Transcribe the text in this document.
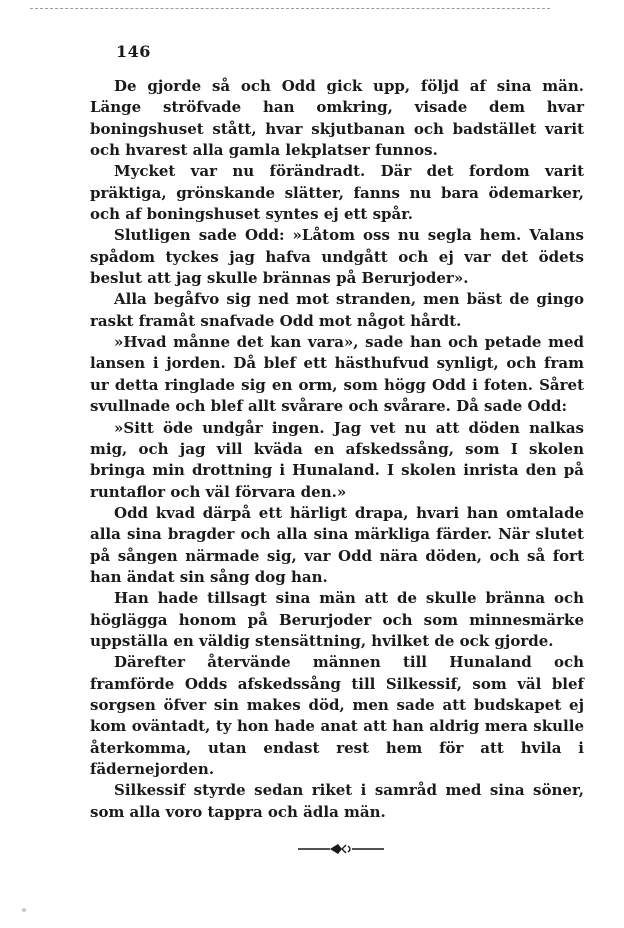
146

De gjorde så och Odd gick upp, följd af sina män. Länge ströfvade han omkring, visade dem hvar boningshuset stått, hvar skjutbanan och badstället varit och hvarest alla gamla lekplatser funnos.

Mycket var nu förändradt. Där det fordom varit präktiga, grönskande slätter, fanns nu bara ödemarker, och af boningshuset syntes ej ett spår.

Slutligen sade Odd: »Låtom oss nu segla hem. Valans spådom tyckes jag hafva undgått och ej var det ödets beslut att jag skulle brännas på Berurjoder».

Alla begåfvo sig ned mot stranden, men bäst de gingo raskt framåt snafvade Odd mot något hårdt.

»Hvad månne det kan vara», sade han och petade med lansen i jorden. Då blef ett hästhufvud synligt, och fram ur detta ringlade sig en orm, som högg Odd i foten. Såret svullnade och blef allt svårare och svårare. Då sade Odd:

»Sitt öde undgår ingen. Jag vet nu att döden nalkas mig, och jag vill kväda en afskedssång, som I skolen bringa min drottning i Hunaland. I skolen inrista den på runtaflor och väl förvara den.»

Odd kvad därpå ett härligt drapa, hvari han omtalade alla sina bragder och alla sina märkliga färder. När slutet på sången närmade sig, var Odd nära döden, och så fort han ändat sin sång dog han.

Han hade tillsagt sina män att de skulle bränna och höglägga honom på Berurjoder och som minnesmärke uppställa en väldig stensättning, hvilket de ock gjorde.

Därefter återvände männen till Hunaland och framförde Odds afskedssång till Silkessif, som väl blef sorgsen öfver sin makes död, men sade att budskapet ej kom oväntadt, ty hon hade anat att han aldrig mera skulle återkomma, utan endast rest hem för att hvila i fädernejorden.

Silkessif styrde sedan riket i samråd med sina söner, som alla voro tappra och ädla män.
